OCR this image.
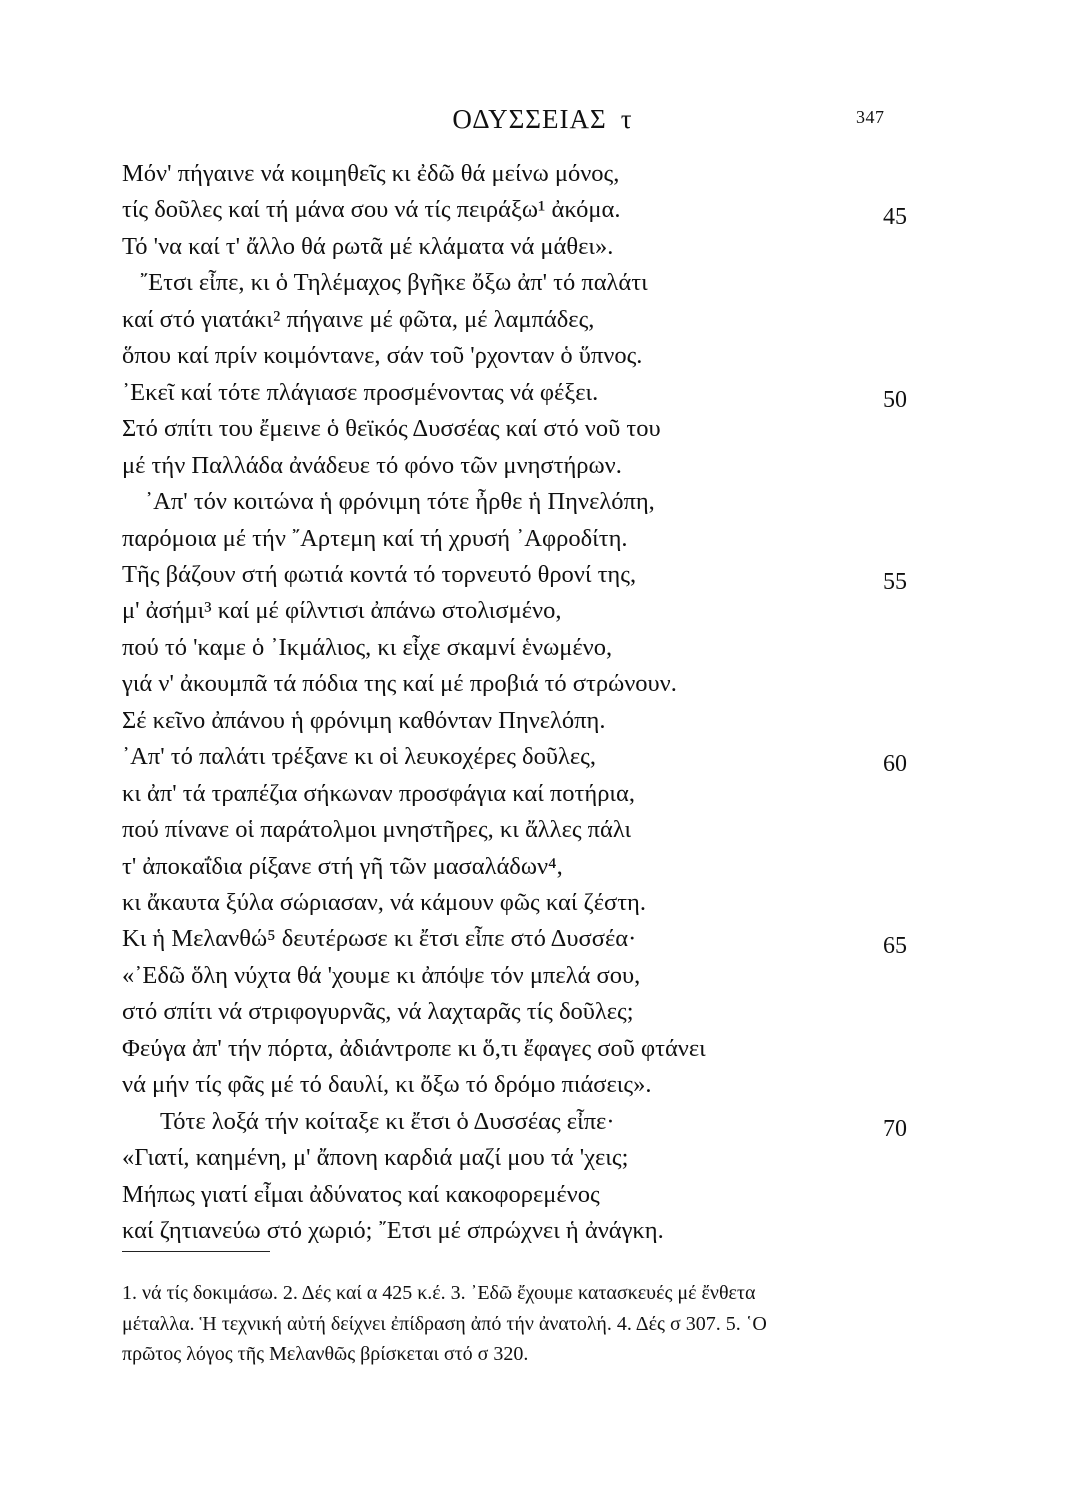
ΟΔΥΣΣΕΙΑΣ τ	347
Μόν' πήγαινε νά κοιμηθεῖς κι ἐδῶ θά μείνω μόνος,
τίς δοῦλες καί τή μάνα σου νά τίς πειράξω¹ ἀκόμα.	45
Τό 'να καί τ' ἄλλο θά ρωτᾶ μέ κλάματα νά μάθει».
῎Ετσι εἶπε, κι ὁ Τηλέμαχος βγῆκε ὄξω ἀπ' τό παλάτι
καί στό γιατάκι² πήγαινε μέ φῶτα, μέ λαμπάδες,
ὅπου καί πρίν κοιμόντανε, σάν τοῦ 'ρχονταν ὁ ὕπνος.
᾿Εκεῖ καί τότε πλάγιασε προσμένοντας νά φέξει.	50
Στό σπίτι του ἔμεινε ὁ θεϊκός Δυσσέας καί στό νοῦ του
μέ τήν Παλλάδα ἀνάδευε τό φόνο τῶν μνηστήρων.
᾿Απ' τόν κοιτώνα ἡ φρόνιμη τότε ἦρθε ἡ Πηνελόπη,
παρόμοια μέ τήν ῎Αρτεμη καί τή χρυσή ᾿Αφροδίτη.
Τῆς βάζουν στή φωτιά κοντά τό τορνευτό θρονί της,	55
μ' ἀσήμι³ καί μέ φίλντισι ἀπάνω στολισμένο,
πού τό 'καμε ὁ ᾿Ικμάλιος, κι εἶχε σκαμνί ἑνωμένο,
γιά ν' ἀκουμπᾶ τά πόδια της καί μέ προβιά τό στρώνουν.
Σέ κεῖνο ἀπάνου ἡ φρόνιμη καθόνταν Πηνελόπη.
᾿Απ' τό παλάτι τρέξανε κι οἱ λευκοχέρες δοῦλες,	60
κι ἀπ' τά τραπέζια σήκωναν προσφάγια καί ποτήρια,
πού πίνανε οἱ παράτολμοι μνηστῆρες, κι ἄλλες πάλι
τ' ἀποκαΐδια ρίξανε στή γῆ τῶν μασαλάδων⁴,
κι ἄκαυτα ξύλα σώριασαν, νά κάμουν φῶς καί ζέστη.
Κι ἡ Μελανθώ⁵ δευτέρωσε κι ἔτσι εἶπε στό Δυσσέα·	65
«᾿Εδῶ ὅλη νύχτα θά 'χουμε κι ἀπόψε τόν μπελά σου,
στό σπίτι νά στριφογυρνᾶς, νά λαχταρᾶς τίς δοῦλες;
Φεύγα ἀπ' τήν πόρτα, ἀδιάντροπε κι ὅ,τι ἔφαγες σοῦ φτάνει
νά μήν τίς φᾶς μέ τό δαυλί, κι ὄξω τό δρόμο πιάσεις».
Τότε λοξά τήν κοίταξε κι ἔτσι ὁ Δυσσέας εἶπε·	70
«Γιατί, καημένη, μ' ἄπονη καρδιά μαζί μου τά 'χεις;
Μήπως γιατί εἶμαι ἀδύνατος καί κακοφορεμένος
καί ζητιανεύω στό χωριό; ῎Ετσι μέ σπρώχνει ἡ ἀνάγκη.
1. νά τίς δοκιμάσω. 2. Δές καί α 425 κ.έ. 3. ᾿Εδῶ ἔχουμε κατασκευές μέ ἔνθετα
μέταλλα. Ἡ τεχνική αὐτή δείχνει ἐπίδραση ἀπό τήν ἀνατολή. 4. Δές σ 307. 5. ῾Ο
πρῶτος λόγος τῆς Μελανθῶς βρίσκεται στό σ 320.
